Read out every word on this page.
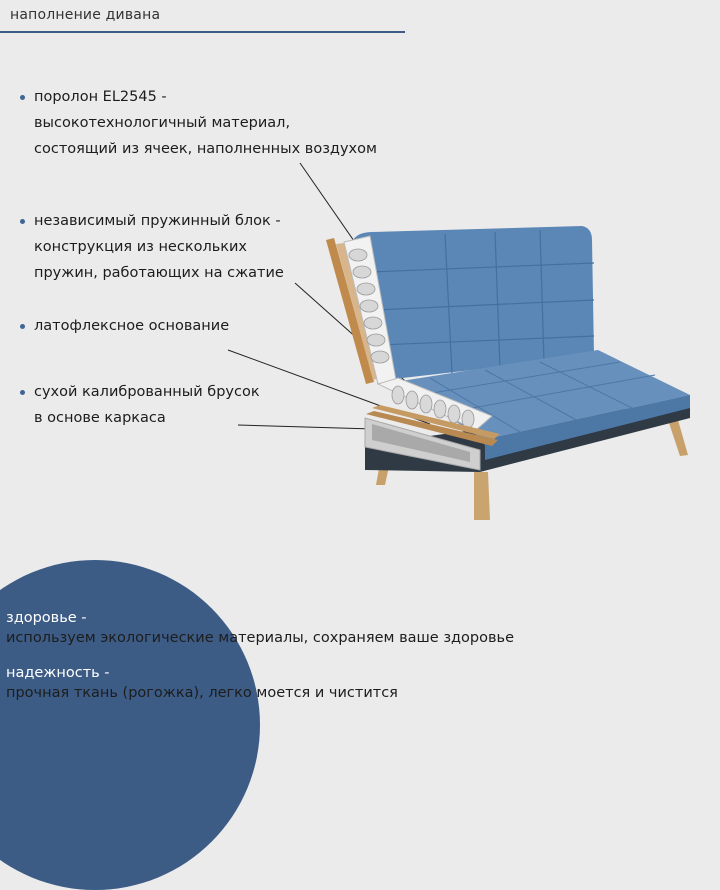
наполнение дивана
поролон EL2545 -
высокотехнологичный материал,
состоящий из ячеек, наполненных воздухом
независимый пружинный блок -
конструкция из нескольких
пружин, работающих на сжатие
латофлексное основание
сухой калиброванный брусок
в основе каркаса
здоровье -
используем экологические материалы, сохраняем ваше здоровье
надежность -
прочная ткань (рогожка), легко моется и чистится
